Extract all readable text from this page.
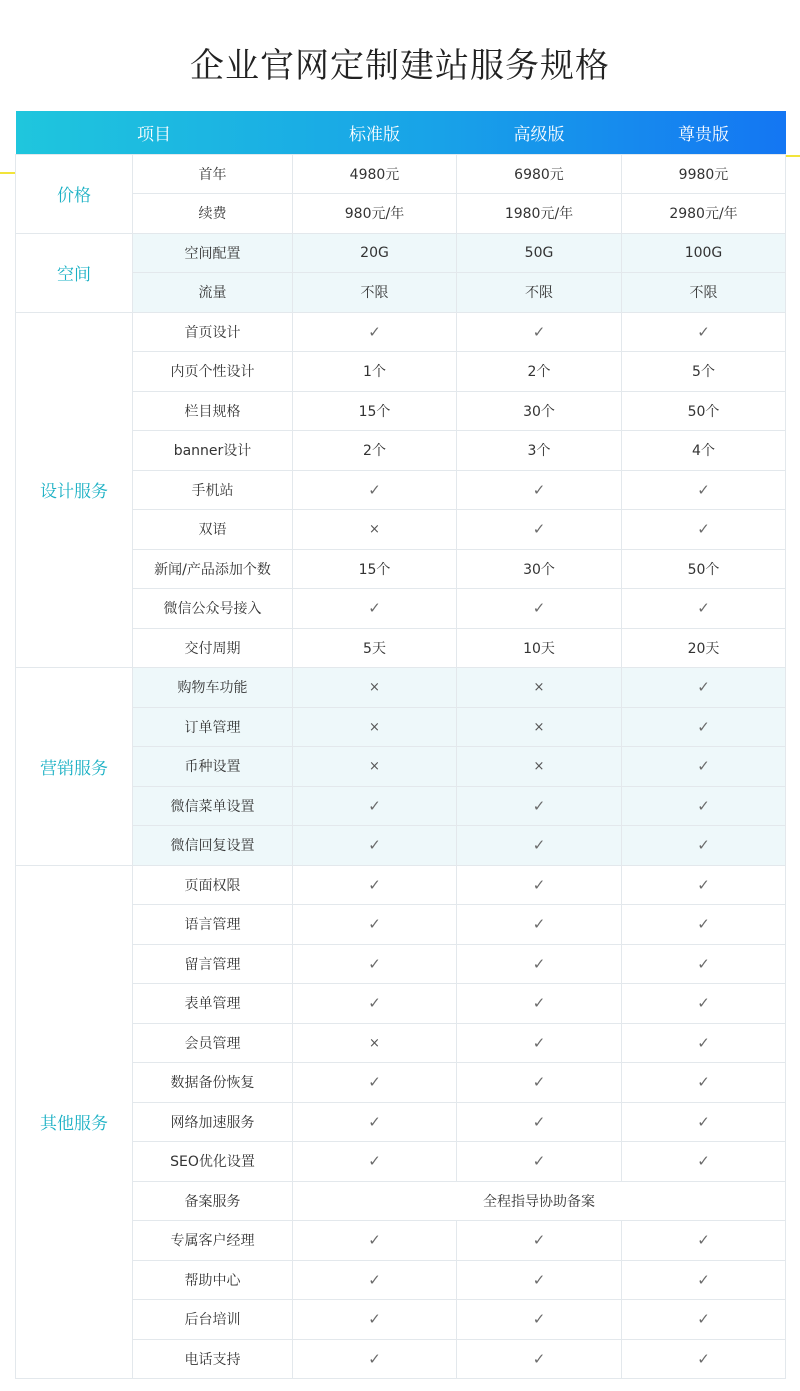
企业官网定制建站服务规格
项目		标准版	高级版	尊贵版
价格	首年	4980元	6980元	9980元
	续费	980元/年	1980元/年	2980元/年
空间	空间配置	20G	50G	100G
	流量	不限	不限	不限
设计服务	首页设计	✓	✓	✓
	内页个性设计	1个	2个	5个
	栏目规格	15个	30个	50个
	banner设计	2个	3个	4个
	手机站	✓	✓	✓
	双语	×	✓	✓
	新闻/产品添加个数	15个	30个	50个
	微信公众号接入	✓	✓	✓
	交付周期	5天	10天	20天
营销服务	购物车功能	×	×	✓
	订单管理	×	×	✓
	币种设置	×	×	✓
	微信菜单设置	✓	✓	✓
	微信回复设置	✓	✓	✓
其他服务	页面权限	✓	✓	✓
	语言管理	✓	✓	✓
	留言管理	✓	✓	✓
	表单管理	✓	✓	✓
	会员管理	×	✓	✓
	数据备份恢复	✓	✓	✓
	网络加速服务	✓	✓	✓
	SEO优化设置	✓	✓	✓
	备案服务	全程指导协助备案		
	专属客户经理	✓	✓	✓
	帮助中心	✓	✓	✓
	后台培训	✓	✓	✓
	电话支持	✓	✓	✓
